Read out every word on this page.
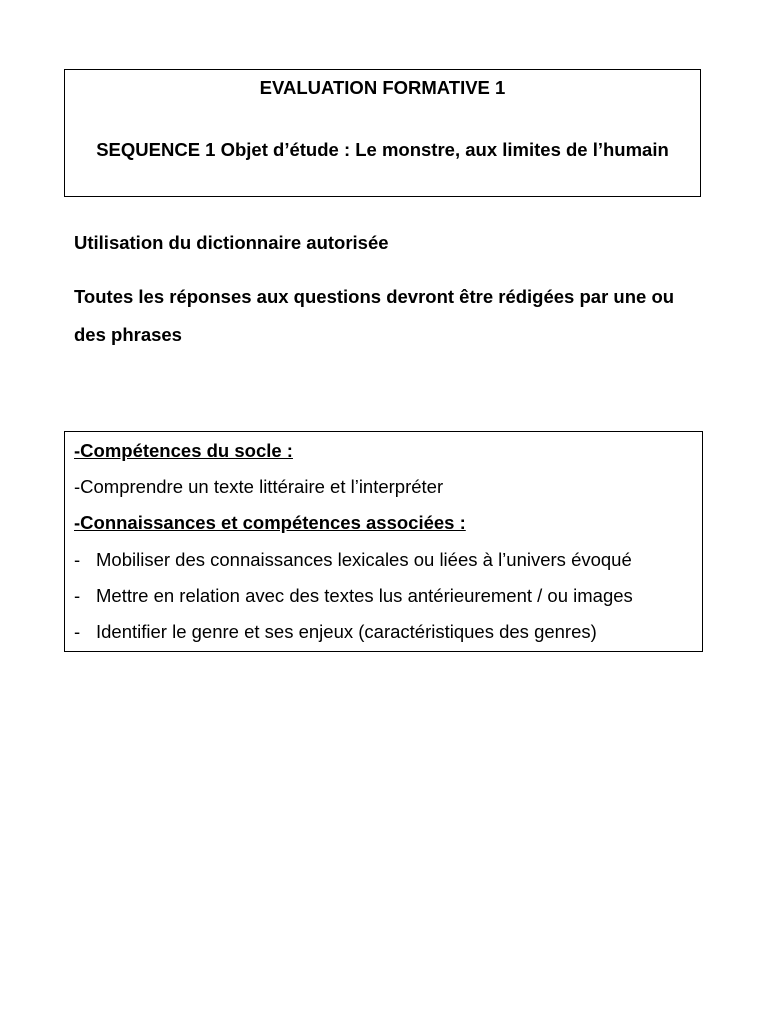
EVALUATION FORMATIVE 1
SEQUENCE 1 Objet d’étude : Le monstre, aux limites de l’humain
Utilisation du dictionnaire autorisée
Toutes les réponses aux questions devront être rédigées par une ou des phrases
-Compétences du socle :
-Comprendre un texte littéraire et l’interpréter
-Connaissances et compétences associées :
- Mobiliser des connaissances lexicales ou liées à l’univers évoqué
- Mettre en relation avec des textes lus antérieurement / ou images
- Identifier le genre et ses enjeux (caractéristiques des genres)
